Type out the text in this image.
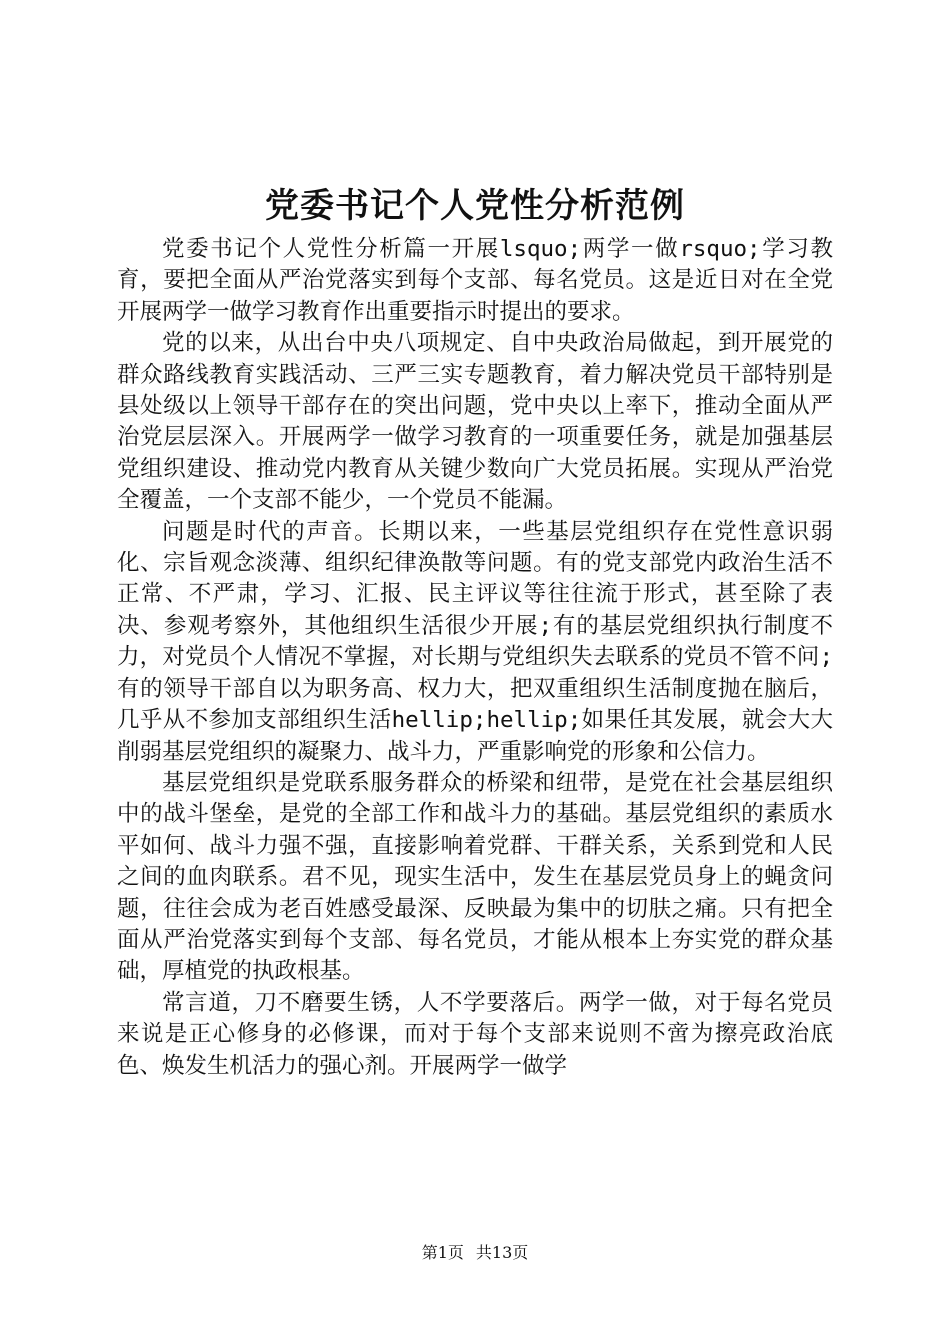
党委书记个人党性分析范例

党委书记个人党性分析篇一开展lsquo;两学一做rsquo;学习教育，要把全面从严治党落实到每个支部、每名党员。这是近日对在全党开展两学一做学习教育作出重要指示时提出的要求。

党的以来，从出台中央八项规定、自中央政治局做起，到开展党的群众路线教育实践活动、三严三实专题教育，着力解决党员干部特别是县处级以上领导干部存在的突出问题，党中央以上率下，推动全面从严治党层层深入。开展两学一做学习教育的一项重要任务，就是加强基层党组织建设、推动党内教育从关键少数向广大党员拓展。实现从严治党全覆盖，一个支部不能少，一个党员不能漏。

问题是时代的声音。长期以来，一些基层党组织存在党性意识弱化、宗旨观念淡薄、组织纪律涣散等问题。有的党支部党内政治生活不正常、不严肃，学习、汇报、民主评议等往往流于形式，甚至除了表决、参观考察外，其他组织生活很少开展;有的基层党组织执行制度不力，对党员个人情况不掌握，对长期与党组织失去联系的党员不管不问;有的领导干部自以为职务高、权力大，把双重组织生活制度抛在脑后，几乎从不参加支部组织生活hellip;hellip;如果任其发展，就会大大削弱基层党组织的凝聚力、战斗力，严重影响党的形象和公信力。

基层党组织是党联系服务群众的桥梁和纽带，是党在社会基层组织中的战斗堡垒，是党的全部工作和战斗力的基础。基层党组织的素质水平如何、战斗力强不强，直接影响着党群、干群关系，关系到党和人民之间的血肉联系。君不见，现实生活中，发生在基层党员身上的蝇贪问题，往往会成为老百姓感受最深、反映最为集中的切肤之痛。只有把全面从严治党落实到每个支部、每名党员，才能从根本上夯实党的群众基础，厚植党的执政根基。

常言道，刀不磨要生锈，人不学要落后。两学一做，对于每名党员来说是正心修身的必修课，而对于每个支部来说则不啻为擦亮政治底色、焕发生机活力的强心剂。开展两学一做学

第1页 共13页
